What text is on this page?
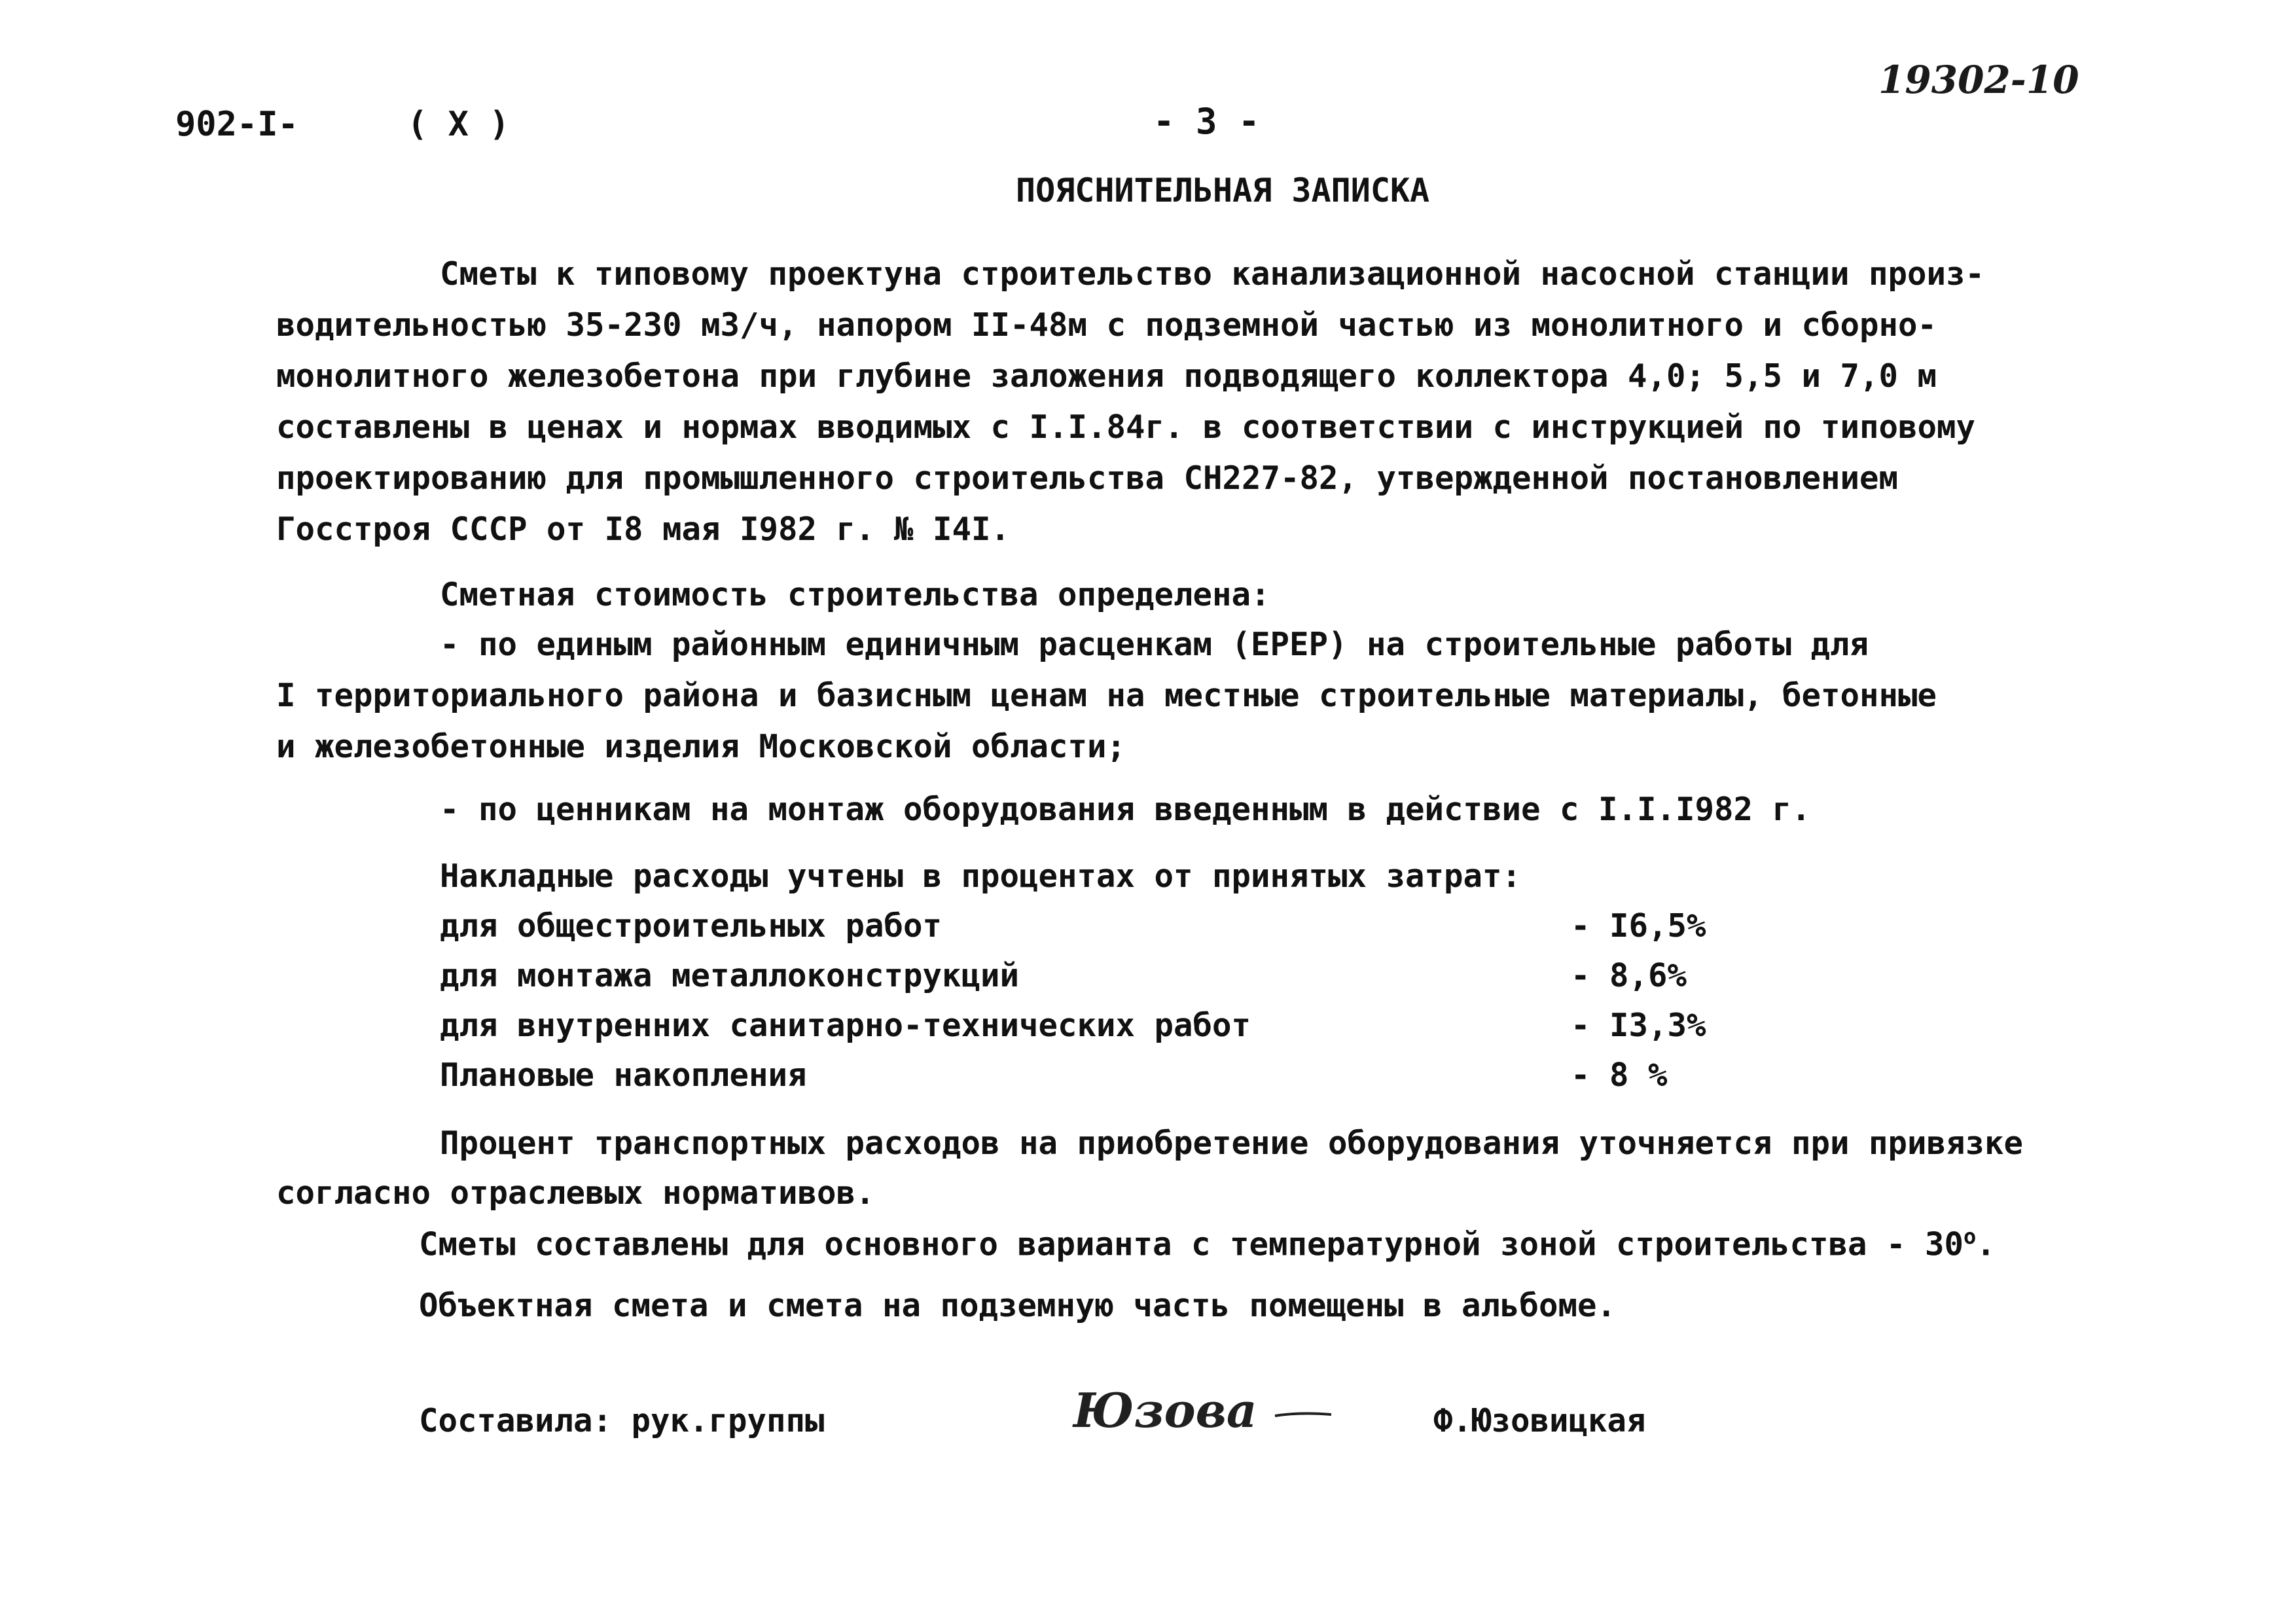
902-I-	( X )	- 3 -
19302-10
ПОЯСНИТЕЛЬНАЯ ЗАПИСКА
Сметы к типовому проектуна строительство канализационной насосной станции произ-
водительностью 35-230 м3/ч, напором II-48м с подземной частью из монолитного и сборно-
монолитного железобетона при глубине заложения подводящего коллектора 4,0; 5,5 и 7,0 м
составлены в ценах и нормах вводимых с I.I.84г. в соответствии с инструкцией по типовому
проектированию для промышленного строительства СН227-82, утвержденной постановлением
Госстроя СССР от I8 мая I982 г. № I4I.
Сметная стоимость строительства определена:
- по единым районным единичным расценкам (ЕРЕР) на строительные работы для
I территориального района и базисным ценам на местные строительные материалы, бетонные
и железобетонные изделия Московской области;
- по ценникам на монтаж оборудования введенным в действие с I.I.I982 г.
Накладные расходы учтены в процентах от принятых затрат:
для общестроительных работ	- I6,5%
для монтажа металлоконструкций	- 8,6%
для внутренних санитарно-технических работ	- I3,3%
Плановые накопления	- 8 %
Процент транспортных расходов на приобретение оборудования уточняется при привязке
согласно отраслевых нормативов.
Сметы составлены для основного варианта с температурной зоной строительства - $30^о$.
Объектная смета и смета на подземную часть помещены в альбоме.
Составила: рук.группы	Юзова	Ф.Юзовицкая
